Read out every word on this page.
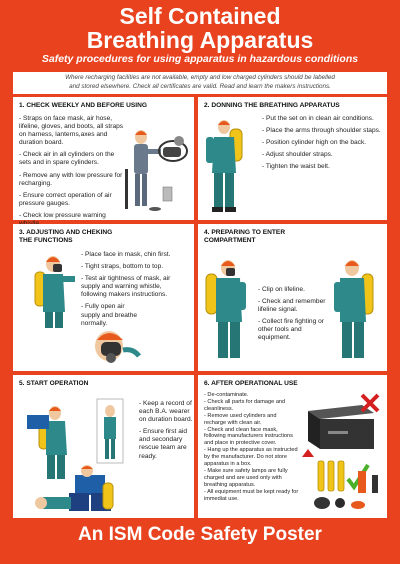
Self Contained
Breathing Apparatus
Safety procedures for using apparatus in hazardous conditions
Where recharging facilities are not available, empty and low charged cylinders should be labelled
and stored elsewhere. Check all certificates are valid. Read and learn the makers instructions.
1. CHECK WEEKLY AND BEFORE USING
- Straps on face mask, air hose, lifeline, gloves, and boots, all straps on harness, lanterns,axes and duration board.
- Check air in all cylinders on the sets and in spare cylinders.
- Remove any with low pressure for recharging.
- Ensure correct operation of air pressure gauges.
- Check low pressure warning
2. DONNING THE BREATHING APPARATUS
- Put the set on in clean air conditions.
- Place the arms through shoulder staps.
- Position cylinder high on the back.
- Adjust shoulder straps.
- Tighten the waist belt.
3. ADJUSTING AND CHEKING
THE FUNCTIONS
- Place face in mask, chin first.
- Tight straps, bottom to top.
- Test air tightness of mask, air supply and warning whistle, following makers instructions.
- Fully open air supply and breathe normally.
4. PREPARING TO ENTER
COMPARTMENT
- Clip on lifeline.
- Check and remember lifeline signal.
- Collect fire fighting or other tools and equipment.
5. START OPERATION
- Keep a record of each B.A. wearer on duration board.
- Ensure first aid and secondary rescue team are ready.
6. AFTER OPERATIONAL USE
- De-contaminate.
- Check all parts for damage and cleanliness.
- Remove used cylinders and recharge with clean air.
- Check and clean face mask, following manufacturers instructions and place in protective cover.
- Hang up the apparatus as instructed by the manufacturer. Do not store apparatus in a box.
- Make sure safety lamps are fully charged and are used only with breathing apparatus.
- All equipment must be kept ready for immediat use.
An ISM Code Safety Poster
